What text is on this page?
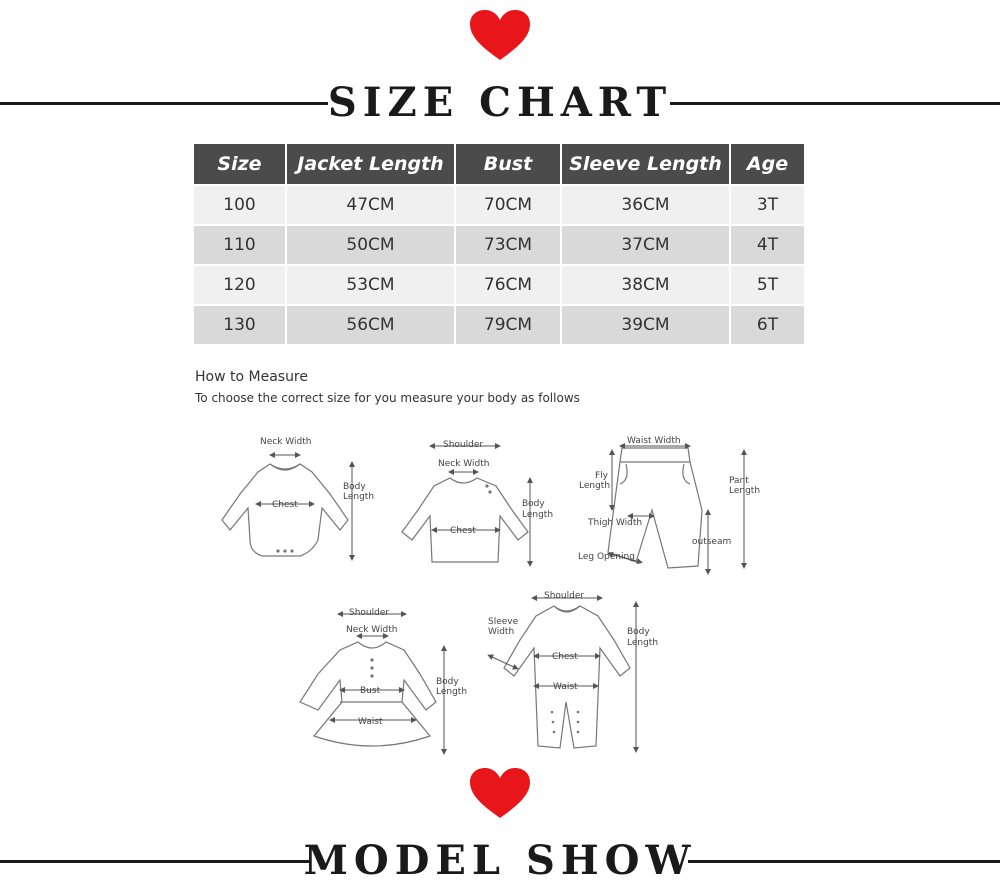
SIZE CHART
Size	Jacket Length	Bust	Sleeve Length	Age
100	47CM	70CM	36CM	3T
110	50CM	73CM	37CM	4T
120	53CM	76CM	38CM	5T
130	56CM	79CM	39CM	6T
How to Measure
To choose the correct size for you measure your body as follows
Neck Width
Chest
Body
Length
Shoulder
Neck Width
Chest
Body
Length
Waist Width
Fly
Length
Thigh Width
Leg Opening
outseam
Pant
Length
Shoulder
Neck Width
Bust
Waist
Body
Length
Shoulder
Sleeve
Width
Chest
Waist
Body
Length
MODEL SHOW
